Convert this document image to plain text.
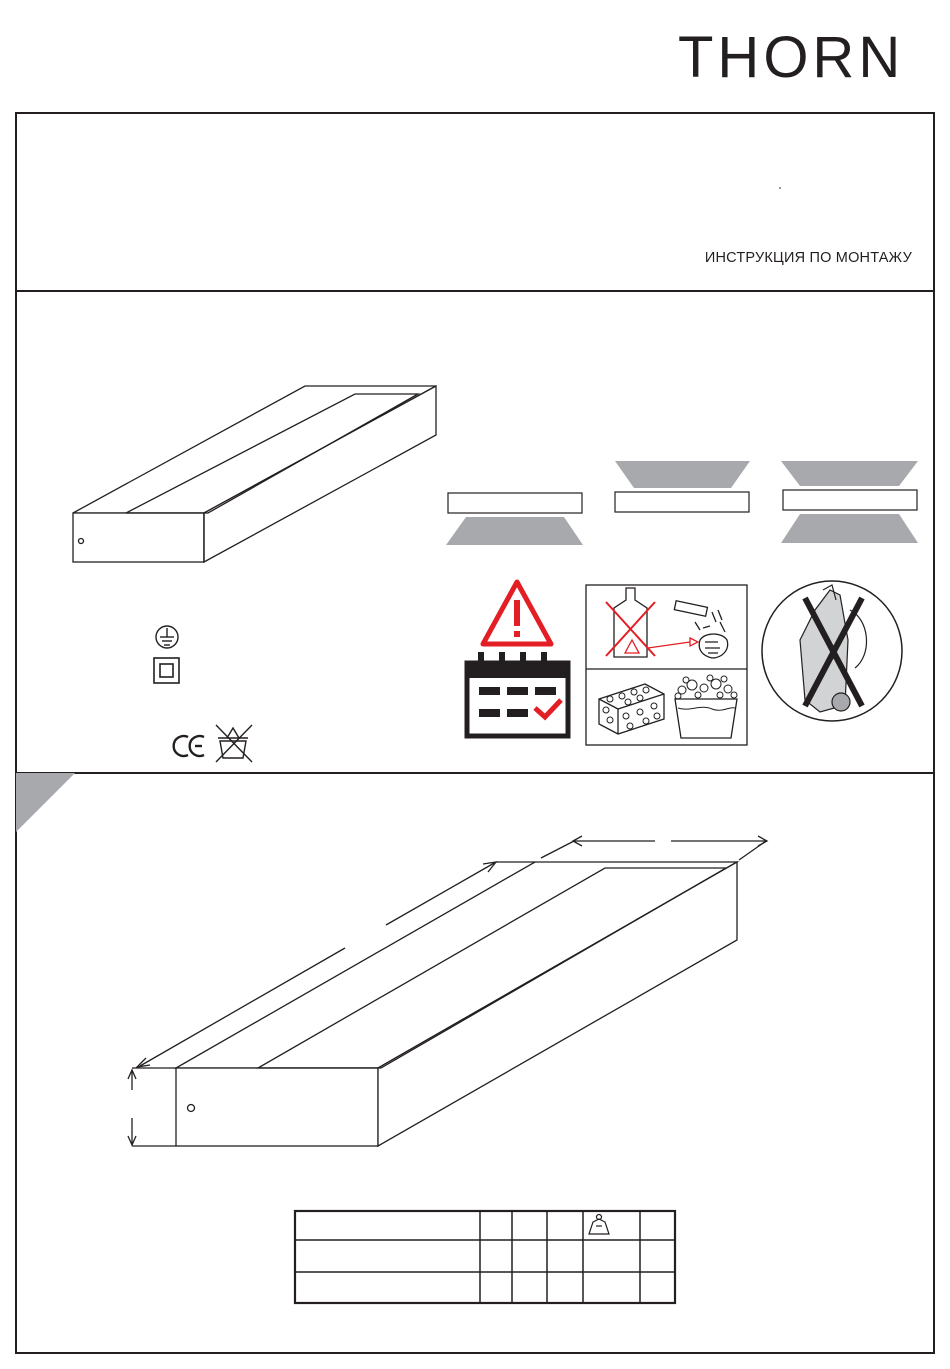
THORN
ИНСТРУКЦИЯ ПО МОНТАЖУ
